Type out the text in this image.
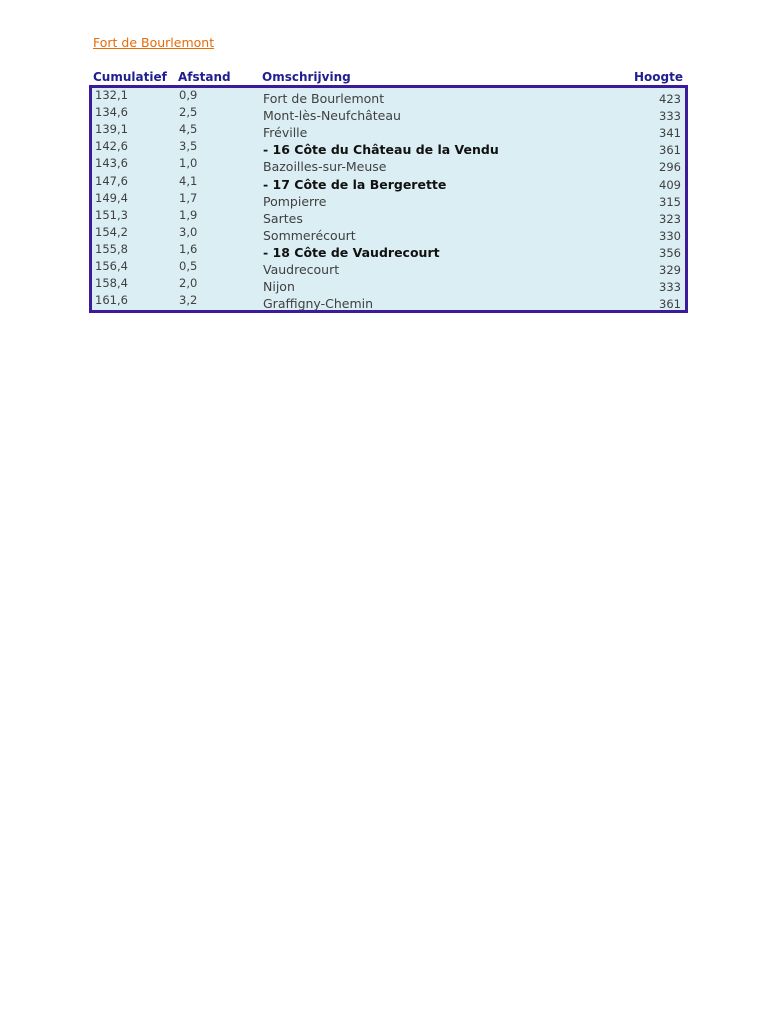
Fort de Bourlemont
Cumulatief Afstand	Omschrijving	Hoogte
132,1	0,9	Fort de Bourlemont	423
134,6	2,5	Mont-lès-Neufchâteau	333
139,1	4,5	Fréville	341
142,6	3,5	- 16 Côte du Château de la Vendu	361
143,6	1,0	Bazoilles-sur-Meuse	296
147,6	4,1	- 17 Côte de la Bergerette	409
149,4	1,7	Pompierre	315
151,3	1,9	Sartes	323
154,2	3,0	Sommerécourt	330
155,8	1,6	- 18 Côte de Vaudrecourt	356
156,4	0,5	Vaudrecourt	329
158,4	2,0	Nijon	333
161,6	3,2	Graffigny-Chemin	361
